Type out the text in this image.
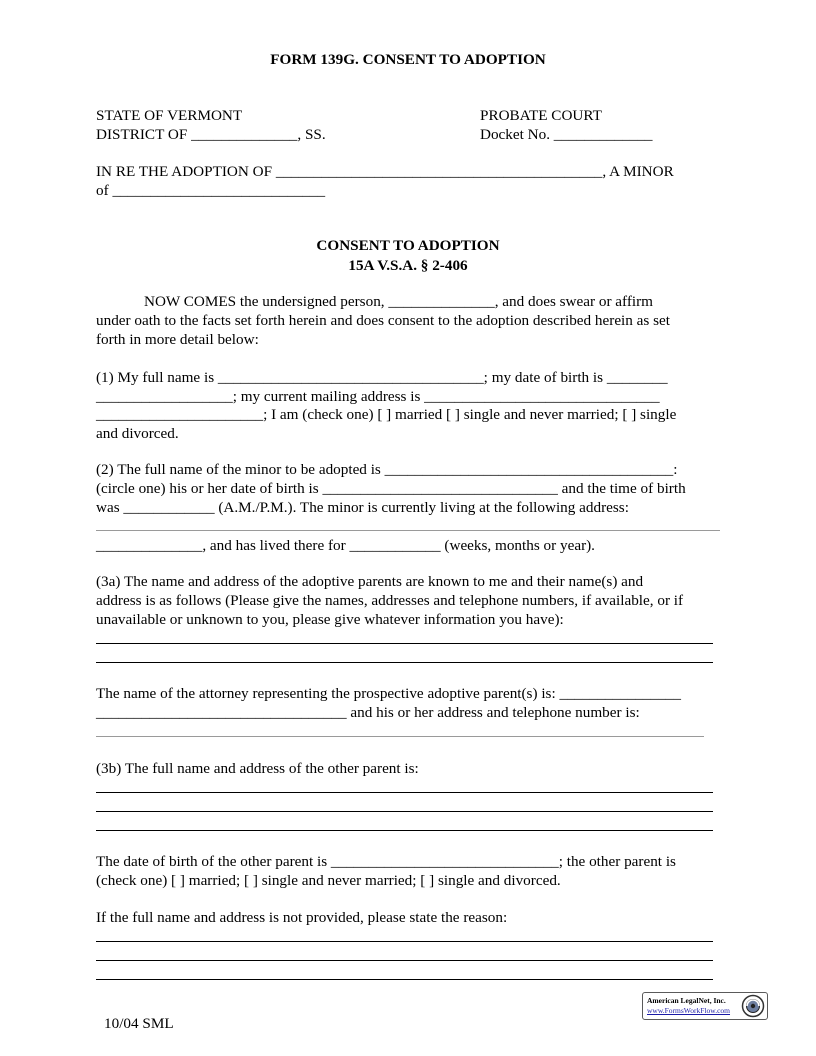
FORM 139G. CONSENT TO ADOPTION
STATE OF VERMONT
DISTRICT OF ______________, SS.
PROBATE COURT
Docket No. _____________
IN RE THE ADOPTION OF ___________________________________________, A MINOR
of ____________________________
CONSENT TO ADOPTION
15A V.S.A. § 2-406
NOW COMES the undersigned person, ______________, and does swear or affirm
under oath to the facts set forth herein and does consent to the adoption described herein as set
forth in more detail below:
(1) My full name is ___________________________________; my date of birth is ________
__________________; my current mailing address is _______________________________
______________________; I am (check one) [ ] married [ ] single and never married; [ ] single
and divorced.
(2) The full name of the minor to be adopted is ______________________________________:
(circle one) his or her date of birth is _______________________________ and the time of birth
was ____________ (A.M./P.M.). The minor is currently living at the following address:
______________, and has lived there for ____________ (weeks, months or year).
(3a) The name and address of the adoptive parents are known to me and their name(s) and
address is as follows (Please give the names, addresses and telephone numbers, if available, or if
unavailable or unknown to you, please give whatever information you have):
The name of the attorney representing the prospective adoptive parent(s) is: ________________
_________________________________ and his or her address and telephone number is:
(3b) The full name and address of the other parent is:
The date of birth of the other parent is ______________________________; the other parent is
(check one) [ ] married; [ ] single and never married; [ ] single and divorced.
If the full name and address is not provided, please state the reason:
10/04 SML
American LegalNet, Inc.
www.FormsWorkFlow.com
